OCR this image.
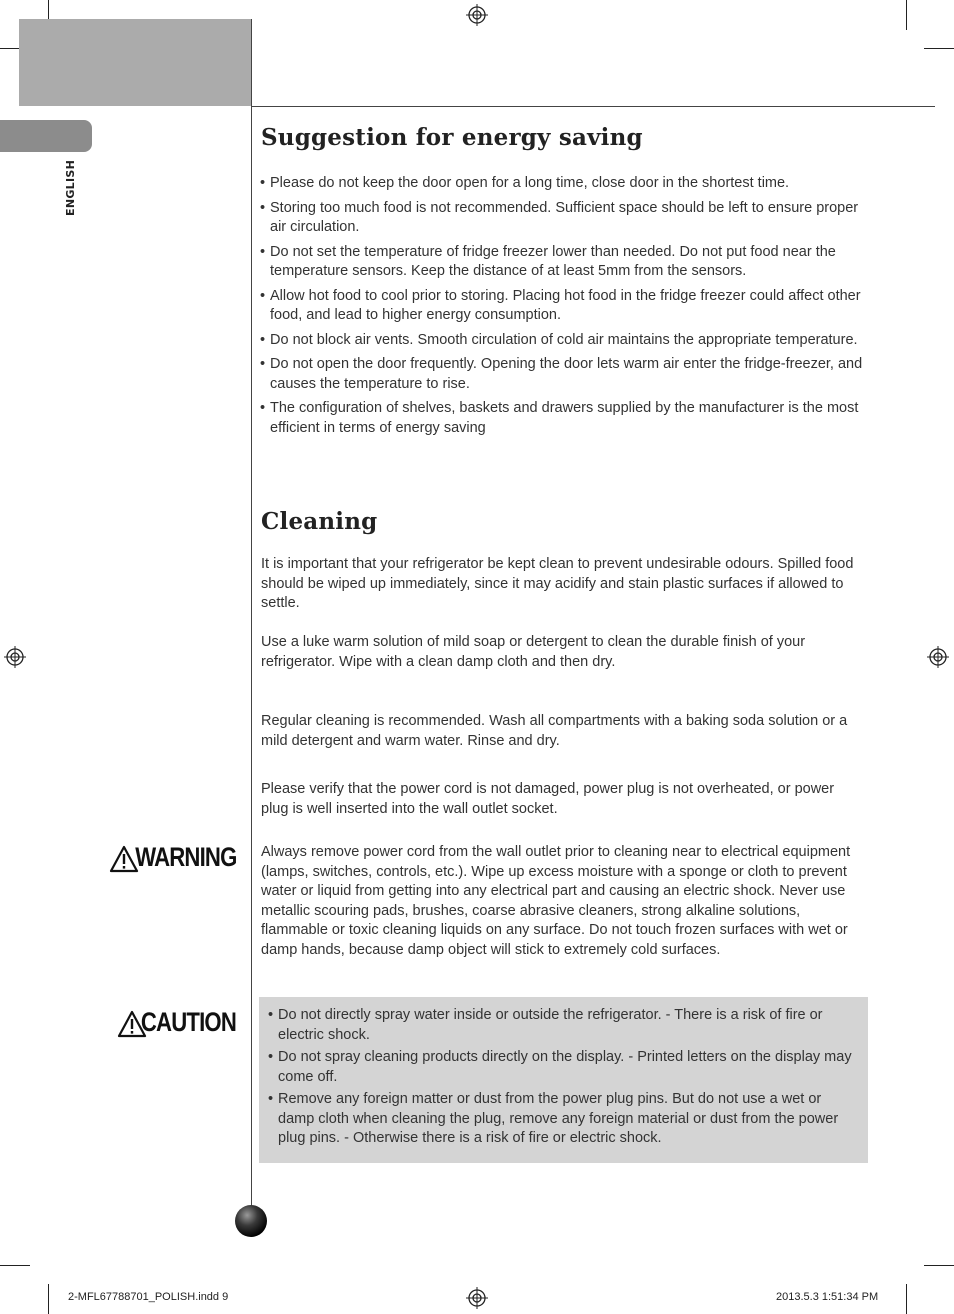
ENGLISH
Suggestion for energy saving
• Please do not keep the door open for a long time, close door in the shortest time.
• Storing too much food is not recommended. Sufficient space should be left to ensure proper air circulation.
• Do not set the temperature of fridge freezer lower than needed. Do not put food near the temperature sensors. Keep the distance of at least 5mm from the sensors.
• Allow hot food to cool prior to storing. Placing hot food in the fridge freezer could affect other food, and lead to higher energy consumption.
• Do not block air vents. Smooth circulation of cold air maintains the appropriate temperature.
• Do not open the door frequently. Opening the door lets warm air enter the fridge-freezer, and causes the temperature to rise.
• The configuration of shelves, baskets and drawers supplied by the manufacturer is the most efficient in terms of energy saving
Cleaning

It is important that your refrigerator be kept clean to prevent undesirable odours. Spilled food should be wiped up immediately, since it may acidify and stain plastic surfaces if allowed to settle.

Use a luke warm solution of mild soap or detergent to clean the durable finish of your refrigerator. Wipe with a clean damp cloth and then dry.

Regular cleaning is recommended. Wash all compartments with a baking soda solution or a mild detergent and warm water. Rinse and dry.

Please verify that the power cord is not damaged, power plug is not overheated, or power plug is well inserted into the wall outlet socket.

WARNING Always remove power cord from the wall outlet prior to cleaning near to electrical equipment (lamps, switches, controls, etc.). Wipe up excess moisture with a sponge or cloth to prevent water or liquid from getting into any electrical part and causing an electric shock. Never use metallic scouring pads, brushes, coarse abrasive cleaners, strong alkaline solutions, flammable or toxic cleaning liquids on any surface. Do not touch frozen surfaces with wet or damp hands, because damp object will stick to extremely cold surfaces.

CAUTION
•	Do not directly spray water inside or outside the refrigerator. - There is a risk of fire or electric shock.
• Do not spray cleaning products directly on the display. - Printed letters on the display may come off.
• Remove any foreign matter or dust from the power plug pins. But do not use a wet or damp cloth when cleaning the plug, remove any foreign material or dust from the power plug pins. - Otherwise there is a risk of fire or electric shock.
2-MFL67788701_POLISH.indd 9	2013.5.3 1:51:34 PM
